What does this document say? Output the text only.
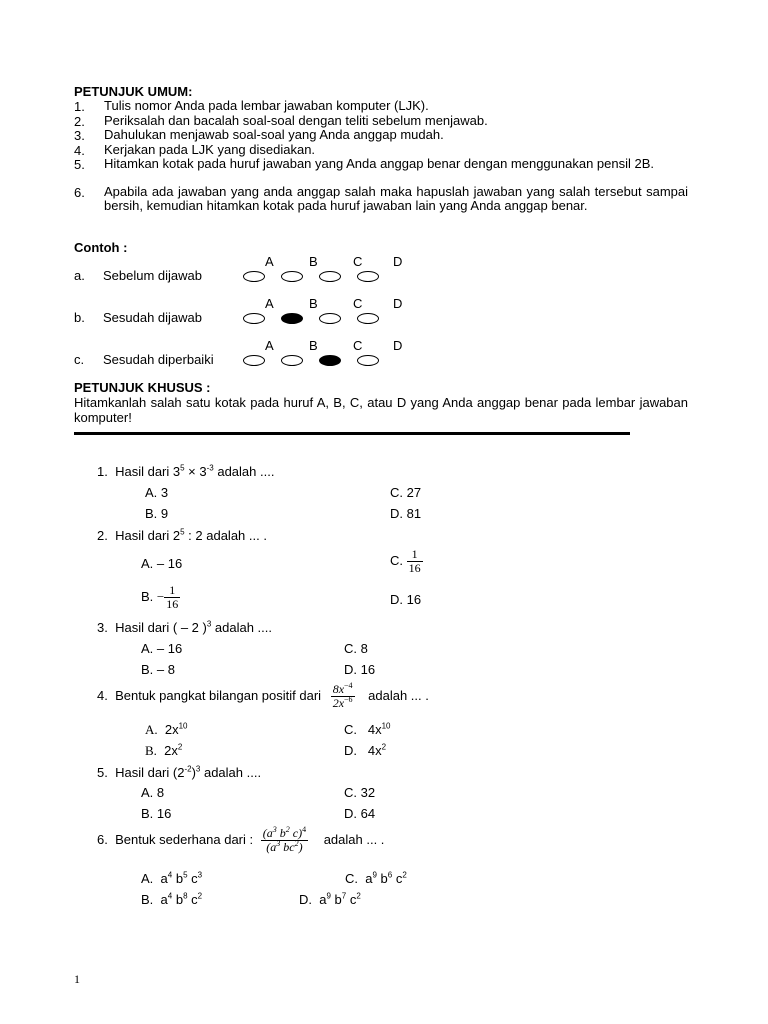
PETUNJUK UMUM:
1. Tulis nomor Anda pada lembar jawaban komputer (LJK).
2. Periksalah dan bacalah soal-soal dengan teliti sebelum menjawab.
3. Dahulukan menjawab soal-soal yang Anda anggap mudah.
4. Kerjakan pada LJK yang disediakan.
5. Hitamkan kotak pada huruf jawaban yang Anda anggap benar dengan menggunakan pensil 2B.
6. Apabila ada jawaban yang anda anggap salah maka hapuslah jawaban yang salah tersebut sampai bersih, kemudian hitamkan kotak pada huruf jawaban lain yang Anda anggap benar.
Contoh :
A	B	C D
a. Sebelum dijawab
A	B	C D
b. Sesudah dijawab
A	B	C D
c. Sesudah diperbaiki
PETUNJUK KHUSUS :
Hitamkanlah salah satu kotak pada huruf A, B, C, atau D yang Anda anggap benar pada lembar jawaban komputer!
1. Hasil dari $3^5 \times 3^{-3}$ adalah ....
A. 3	C. 27
B. 9	D. 81
2. Hasil dari $2^5$ : 2 adalah ... .
A. – 16	C. $\frac{1}{16}$
B. − $\frac{1}{16}$	D. 16
3. Hasil dari ( – 2 )$^3$ adalah ....
A. – 16	C. 8
B. – 8	D. 16
4. Bentuk pangkat bilangan positif dari $\frac{8x^{-4}}{2x^{-6}}$ adalah ... .
A. $2x^{10}$	C. $4x^{10}$
B. $2x^2$	D. $4x^2$
5. Hasil dari $(2^{-2})^3$ adalah ....
A. 8	C. 32
B. 16	D. 64
6. Bentuk sederhana dari : $\frac{(a^3 b^2 c)^4}{(a^3 bc^2)}$ adalah ... .
A. $a^4$ $b^5$ $c^3$	C. $a^9$ $b^6$ $c^2$
B. $a^4$ $b^8$ $c^2$	D. $a^9$ $b^7$ $c^2$
1
